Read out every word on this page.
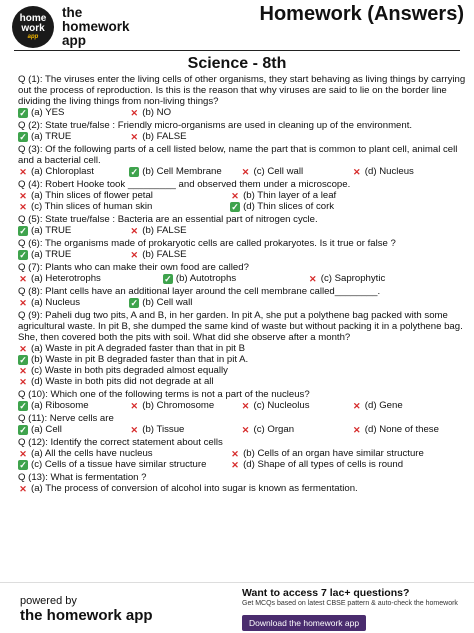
home
work
app
the
homework
app
Homework (Answers)
Science - 8th
Q (1): The viruses enter the living cells of other organisms, they start behaving as living things by carrying out the process of reproduction. Is this is the reason that why viruses are said to lie on the border line dividing the living things from non-living things?
✓ (a) YES	✕ (b) NO
Q (2): State true/false : Friendly micro-organisms are used in cleaning up of the environment.
✓ (a) TRUE	✕ (b) FALSE
Q (3): Of the following parts of a cell listed below, name the part that is common to plant cell, animal cell and a bacterial cell.
✕ (a) Chloroplast	✓ (b) Cell Membrane ✕ (c) Cell wall	✕ (d) Nucleus
Q (4): Robert Hooke took _________ and observed them under a microscope.
✕ (a) Thin slices of flower petal	✕ (b) Thin layer of a leaf
✕ (c) Thin slices of human skin	✓ (d) Thin slices of cork
Q (5): State true/false : Bacteria are an essential part of nitrogen cycle.
✓ (a) TRUE	✕ (b) FALSE
Q (6): The organisms made of prokaryotic cells are called prokaryotes. Is it true or false ?
✓ (a) TRUE	✕ (b) FALSE
Q (7): Plants who can make their own food are called?
✕ (a) Heterotrophs	✓ (b) Autotrophs	✕ (c) Saprophytic
Q (8): Plant cells have an additional layer around the cell membrane called________.
✕ (a) Nucleus	✓ (b) Cell wall
Q (9): Paheli dug two pits, A and B, in her garden. In pit A, she put a polythene bag packed with some agricultural waste. In pit B, she dumped the same kind of waste but without packing it in a polythene bag. She, then covered both the pits with soil. What did she observe after a month?
✕ (a) Waste in pit A degraded faster than that in pit B
✓ (b) Waste in pit B degraded faster than that in pit A.
✕ (c) Waste in both pits degraded almost equally
✕ (d) Waste in both pits did not degrade at all
Q (10): Which one of the following terms is not a part of the nucleus?
✓ (a) Ribosome	✕ (b) Chromosome	✕ (c) Nucleolus	✕ (d) Gene
Q (11): Nerve cells are
✓ (a) Cell	✕ (b) Tissue	✕ (c) Organ	✕ (d) None of these
Q (12): Identify the correct statement about cells
✕ (a) All the cells have nucleus	✕ (b) Cells of an organ have similar structure
✓ (c) Cells of a tissue have similar structure	✕ (d) Shape of all types of cells is round
Q (13): What is fermentation ?
✕ (a) The process of conversion of alcohol into sugar is known as fermentation.
powered by
the homework app
Want to access 7 lac+ questions?
Get MCQs based on latest CBSE pattern & auto-check the homework
Download the homework app
